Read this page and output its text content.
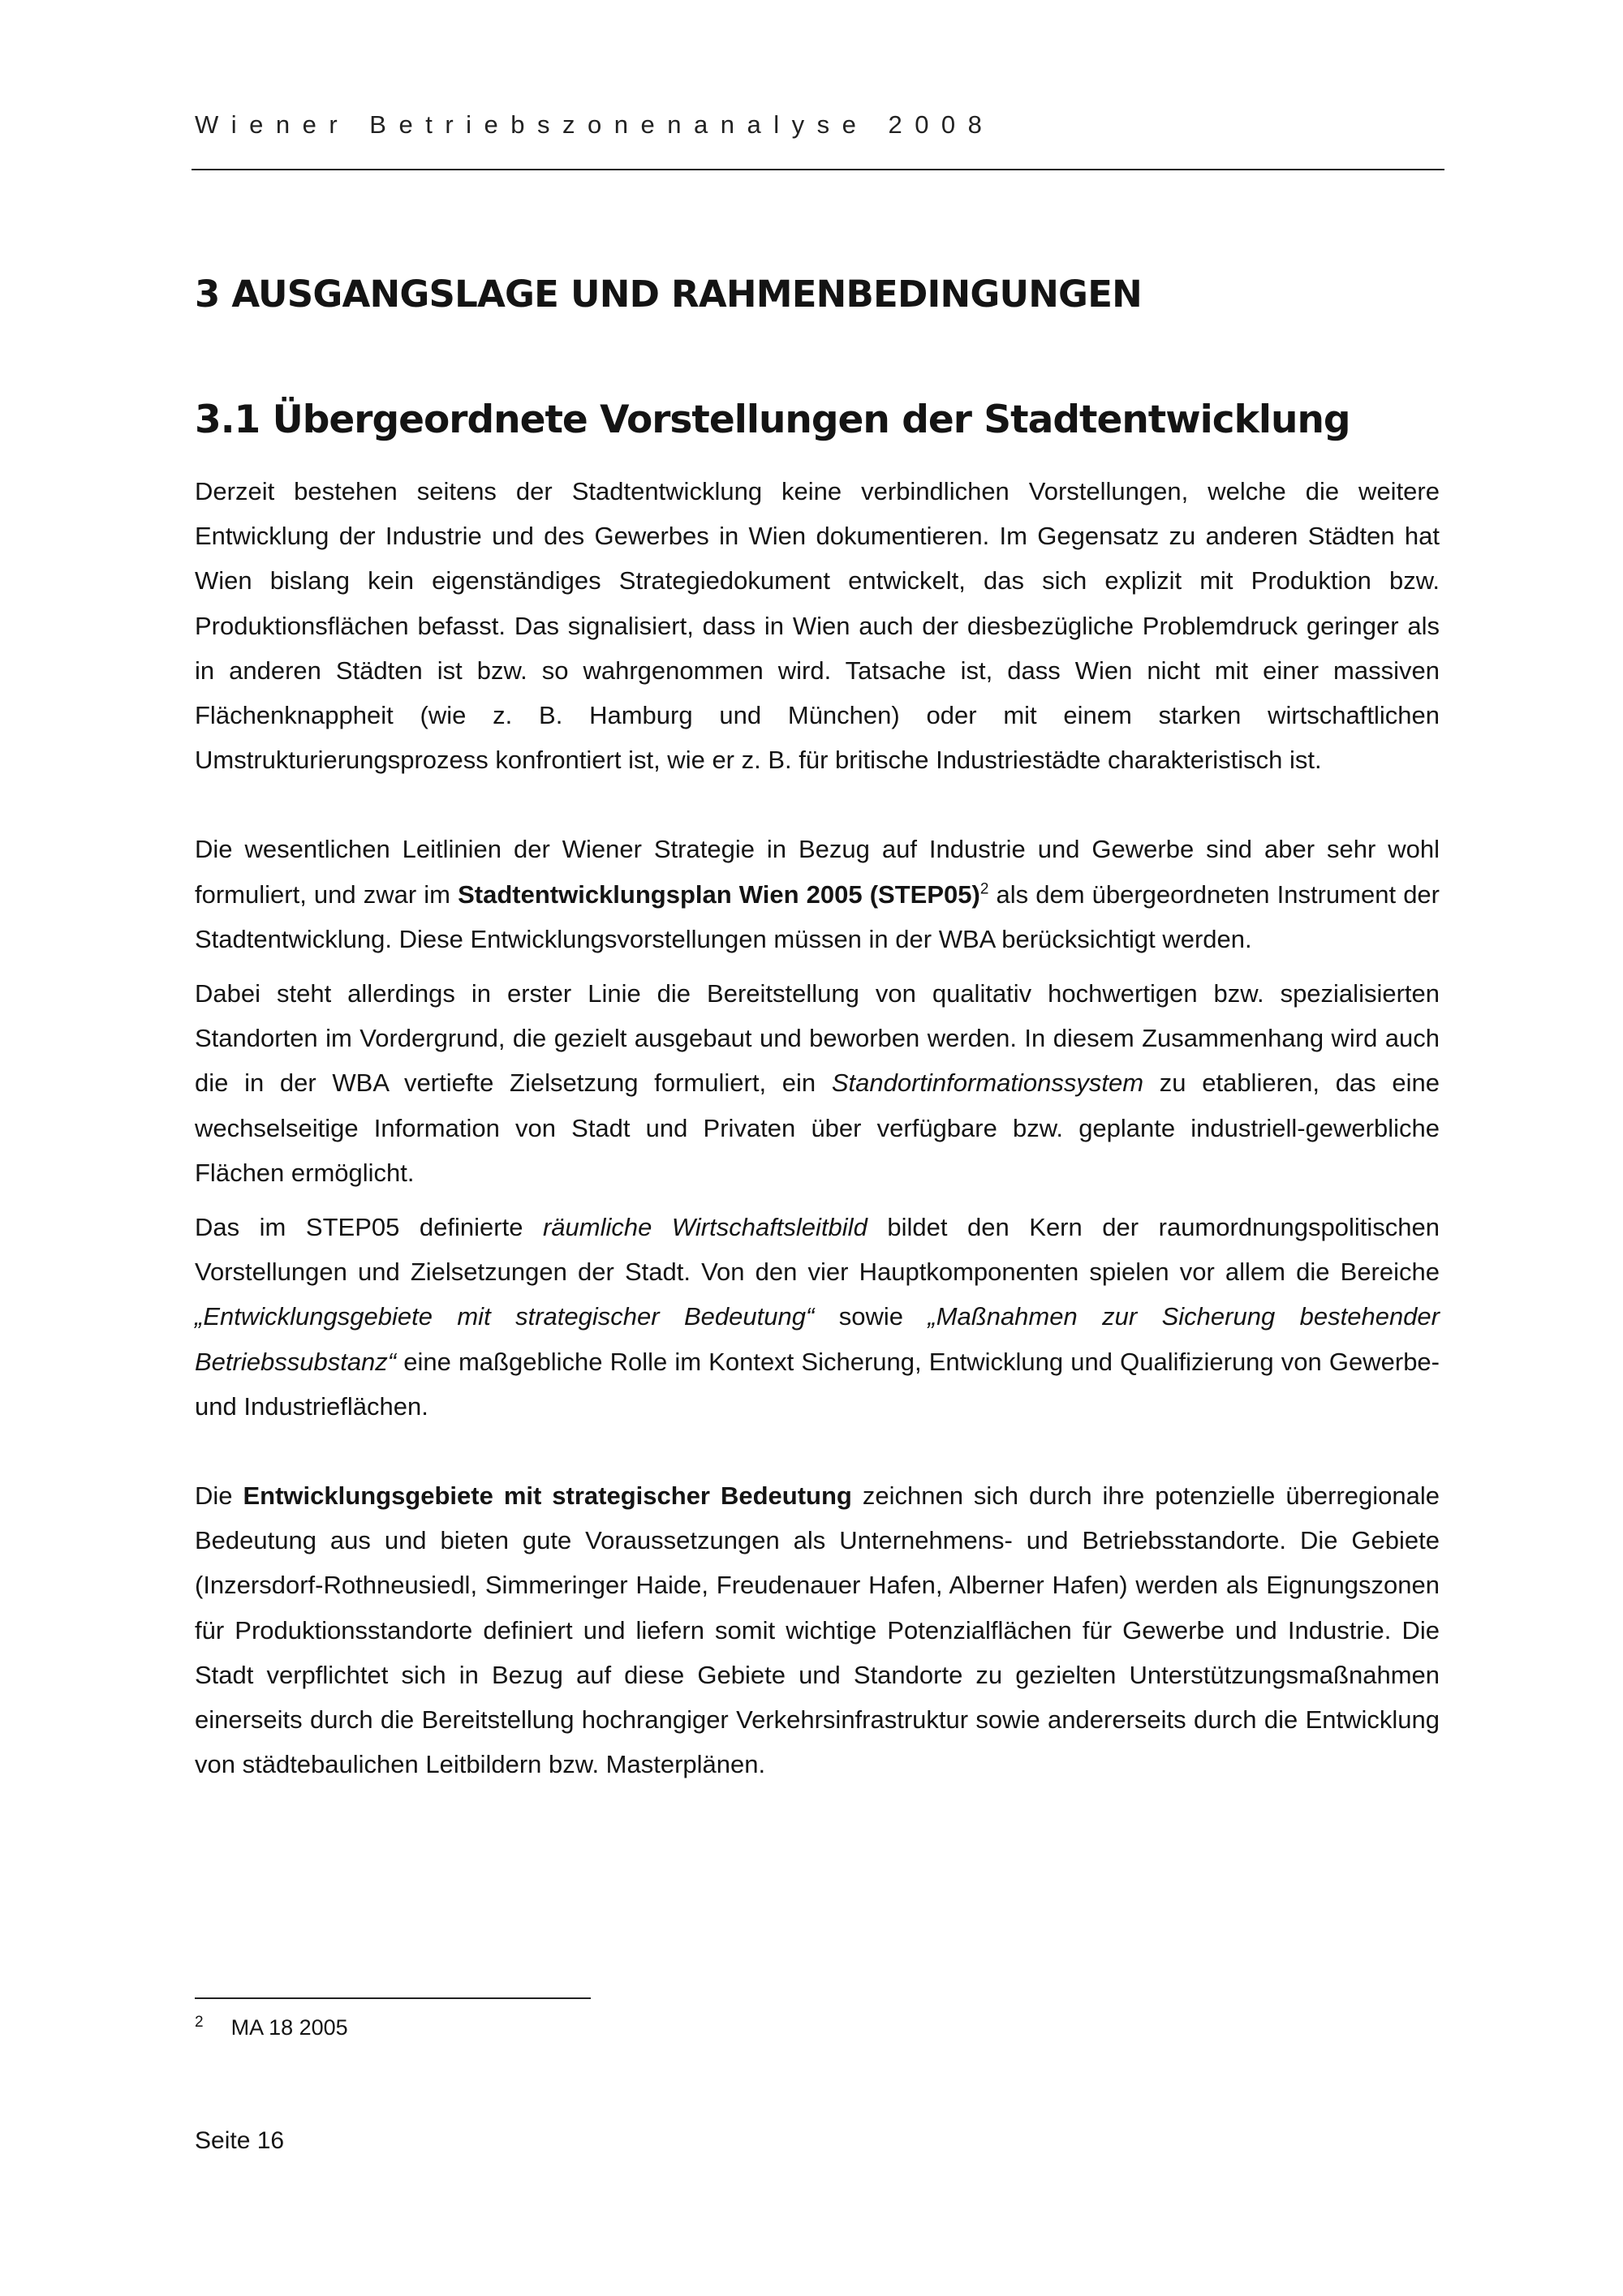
Wiener Betriebszonenanalyse 2008
3 AUSGANGSLAGE UND RAHMENBEDINGUNGEN
3.1 Übergeordnete Vorstellungen der Stadtentwicklung

Derzeit bestehen seitens der Stadtentwicklung keine verbindlichen Vorstellungen, welche die weitere Entwicklung der Industrie und des Gewerbes in Wien dokumentieren. Im Gegensatz zu anderen Städten hat Wien bislang kein eigenständiges Strategiedokument entwickelt, das sich explizit mit Produktion bzw. Produktionsflächen befasst. Das signalisiert, dass in Wien auch der diesbezügliche Problemdruck geringer als in anderen Städten ist bzw. so wahrgenommen wird. Tatsache ist, dass Wien nicht mit einer massiven Flächenknappheit (wie z. B. Hamburg und München) oder mit einem starken wirtschaftlichen Umstrukturierungsprozess konfrontiert ist, wie er z. B. für britische Industriestädte charakteristisch ist.

Die wesentlichen Leitlinien der Wiener Strategie in Bezug auf Industrie und Gewerbe sind aber sehr wohl formuliert, und zwar im Stadtentwicklungsplan Wien 2005 (STEP05)$^2$ als dem übergeordneten Instrument der Stadtentwicklung. Diese Entwicklungsvorstellungen müssen in der WBA berücksichtigt werden.

Dabei steht allerdings in erster Linie die Bereitstellung von qualitativ hochwertigen bzw. spezialisierten Standorten im Vordergrund, die gezielt ausgebaut und beworben werden. In diesem Zusammenhang wird auch die in der WBA vertiefte Zielsetzung formuliert, ein Standortinformationssystem zu etablieren, das eine wechselseitige Information von Stadt und Privaten über verfügbare bzw. geplante industriell-gewerbliche Flächen ermöglicht.

Das im STEP05 definierte räumliche Wirtschaftsleitbild bildet den Kern der raumordnungspolitischen Vorstellungen und Zielsetzungen der Stadt. Von den vier Hauptkomponenten spielen vor allem die Bereiche „Entwicklungsgebiete mit strategischer Bedeutung“ sowie „Maßnahmen zur Sicherung bestehender Betriebssubstanz“ eine maßgebliche Rolle im Kontext Sicherung, Entwicklung und Qualifizierung von Gewerbe- und Industrieflächen.

Die Entwicklungsgebiete mit strategischer Bedeutung zeichnen sich durch ihre potenzielle überregionale Bedeutung aus und bieten gute Voraussetzungen als Unternehmens- und Betriebsstandorte. Die Gebiete (Inzersdorf-Rothneusiedl, Simmeringer Haide, Freudenauer Hafen, Alberner Hafen) werden als Eignungszonen für Produktionsstandorte definiert und liefern somit wichtige Potenzialflächen für Gewerbe und Industrie. Die Stadt verpflichtet sich in Bezug auf diese Gebiete und Standorte zu gezielten Unterstützungsmaßnahmen einerseits durch die Bereitstellung hochrangiger Verkehrsinfrastruktur sowie andererseits durch die Entwicklung von städtebaulichen Leitbildern bzw. Masterplänen.

$^2$ MA 18 2005
Seite 16
